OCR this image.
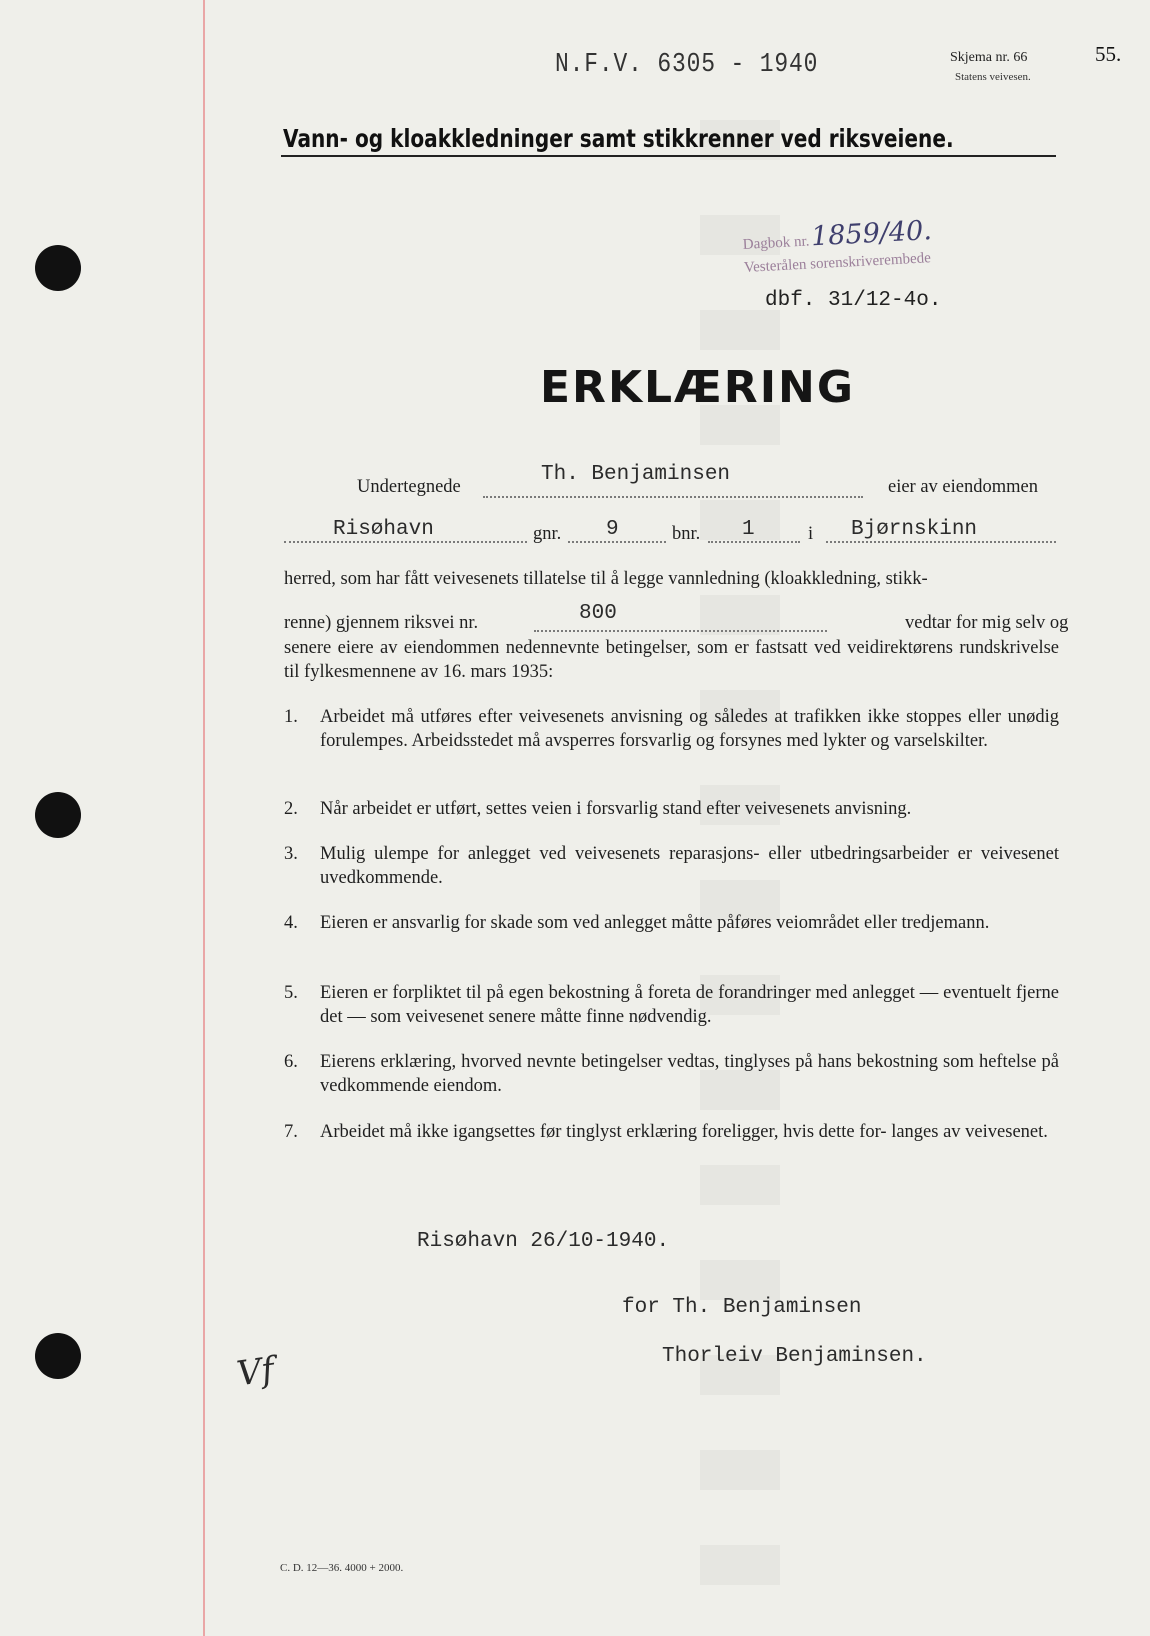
N.F.V. 6305 - 1940	Skjema nr. 66
Statens veivesen.
55.
Vann- og kloakkledninger samt stikkrenner ved riksveiene.
Dagbok nr.1859/40.
Vesterålen sorenskriverembede
dbf. 31/12-4o.
ERKLÆRING
Undertegnede
Th. Benjaminsen
eier av eiendommen
Risøhavn	gnr. 9	bnr. 1	i Bjørnskinn
herred, som har fått veivesenets tillatelse til å legge vannledning (kloakkledning, stikk-
renne) gjennem riksvei nr.	800	vedtar for mig selv og
senere eiere av eiendommen nedennevnte betingelser, som er fastsatt ved veidirektørens rundskrivelse til fylkesmennene av 16. mars 1935:
1. Arbeidet må utføres efter veivesenets anvisning og således at trafikken ikke stoppes eller unødig forulempes. Arbeidsstedet må avsperres forsvarlig og forsynes med lykter og varselskilter.
2. Når arbeidet er utført, settes veien i forsvarlig stand efter veivesenets anvisning.
3. Mulig ulempe for anlegget ved veivesenets reparasjons- eller utbedringsarbeider er veivesenet uvedkommende.
4. Eieren er ansvarlig for skade som ved anlegget måtte påføres veiområdet eller tredjemann.
5. Eieren er forpliktet til på egen bekostning å foreta de forandringer med anlegget — eventuelt fjerne det — som veivesenet senere måtte finne nødvendig.
6. Eierens erklæring, hvorved nevnte betingelser vedtas, tinglyses på hans bekostning som heftelse på vedkommende eiendom.
7. Arbeidet må ikke igangsettes før tinglyst erklæring foreligger, hvis dette for- langes av veivesenet.
Risøhavn 26/10-1940.
for Th. Benjaminsen
Thorleiv Benjaminsen.
Vf
C. D. 12—36. 4000 + 2000.
